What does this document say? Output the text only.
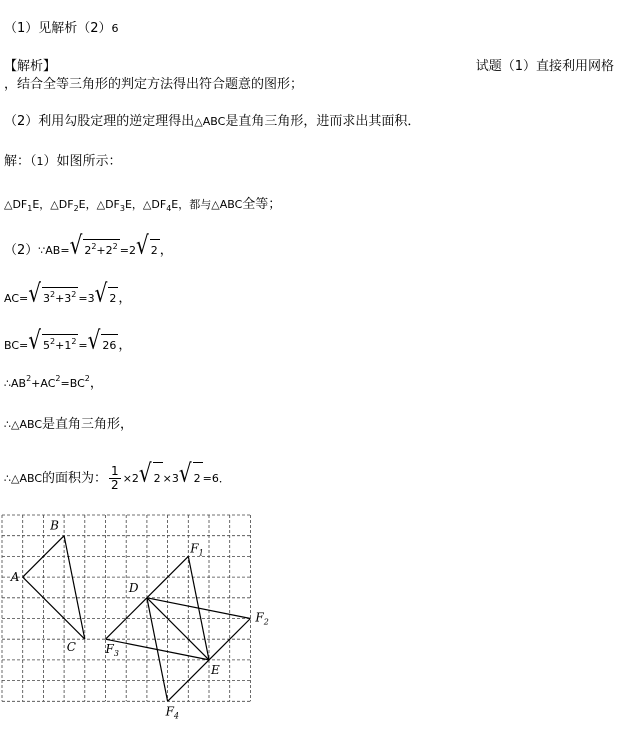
（1）见解析（2）6
【解析】	试题（1）直接利用网格
，结合全等三角形的判定方法得出符合题意的图形；
（2）利用勾股定理的逆定理得出△ABC是直角三角形，进而求出其面积．
解：（1）如图所示：
$\triangle DF_1E$，$\triangle DF_2E$，$\triangle DF_3E$，$\triangle DF_4E$，都与△ABC全等；
（2）∵AB=√ $2^2+2^2 =2√$ 2 ，
AC=√ $3^2+3^2 =3√$ 2 ，
BC=√ $5^2+1^2$ =√ 26 ，
$\therefore AB^2+AC^2=BC^2$，
∴△ABC是直角三角形，
∴△ABC的面积为： $\frac{1}{2} \times 2√$ 2 ×3√ 2 =6．
A
B
C
D
E
$F_1$
$F_2$
$F_3$
$F_4$
